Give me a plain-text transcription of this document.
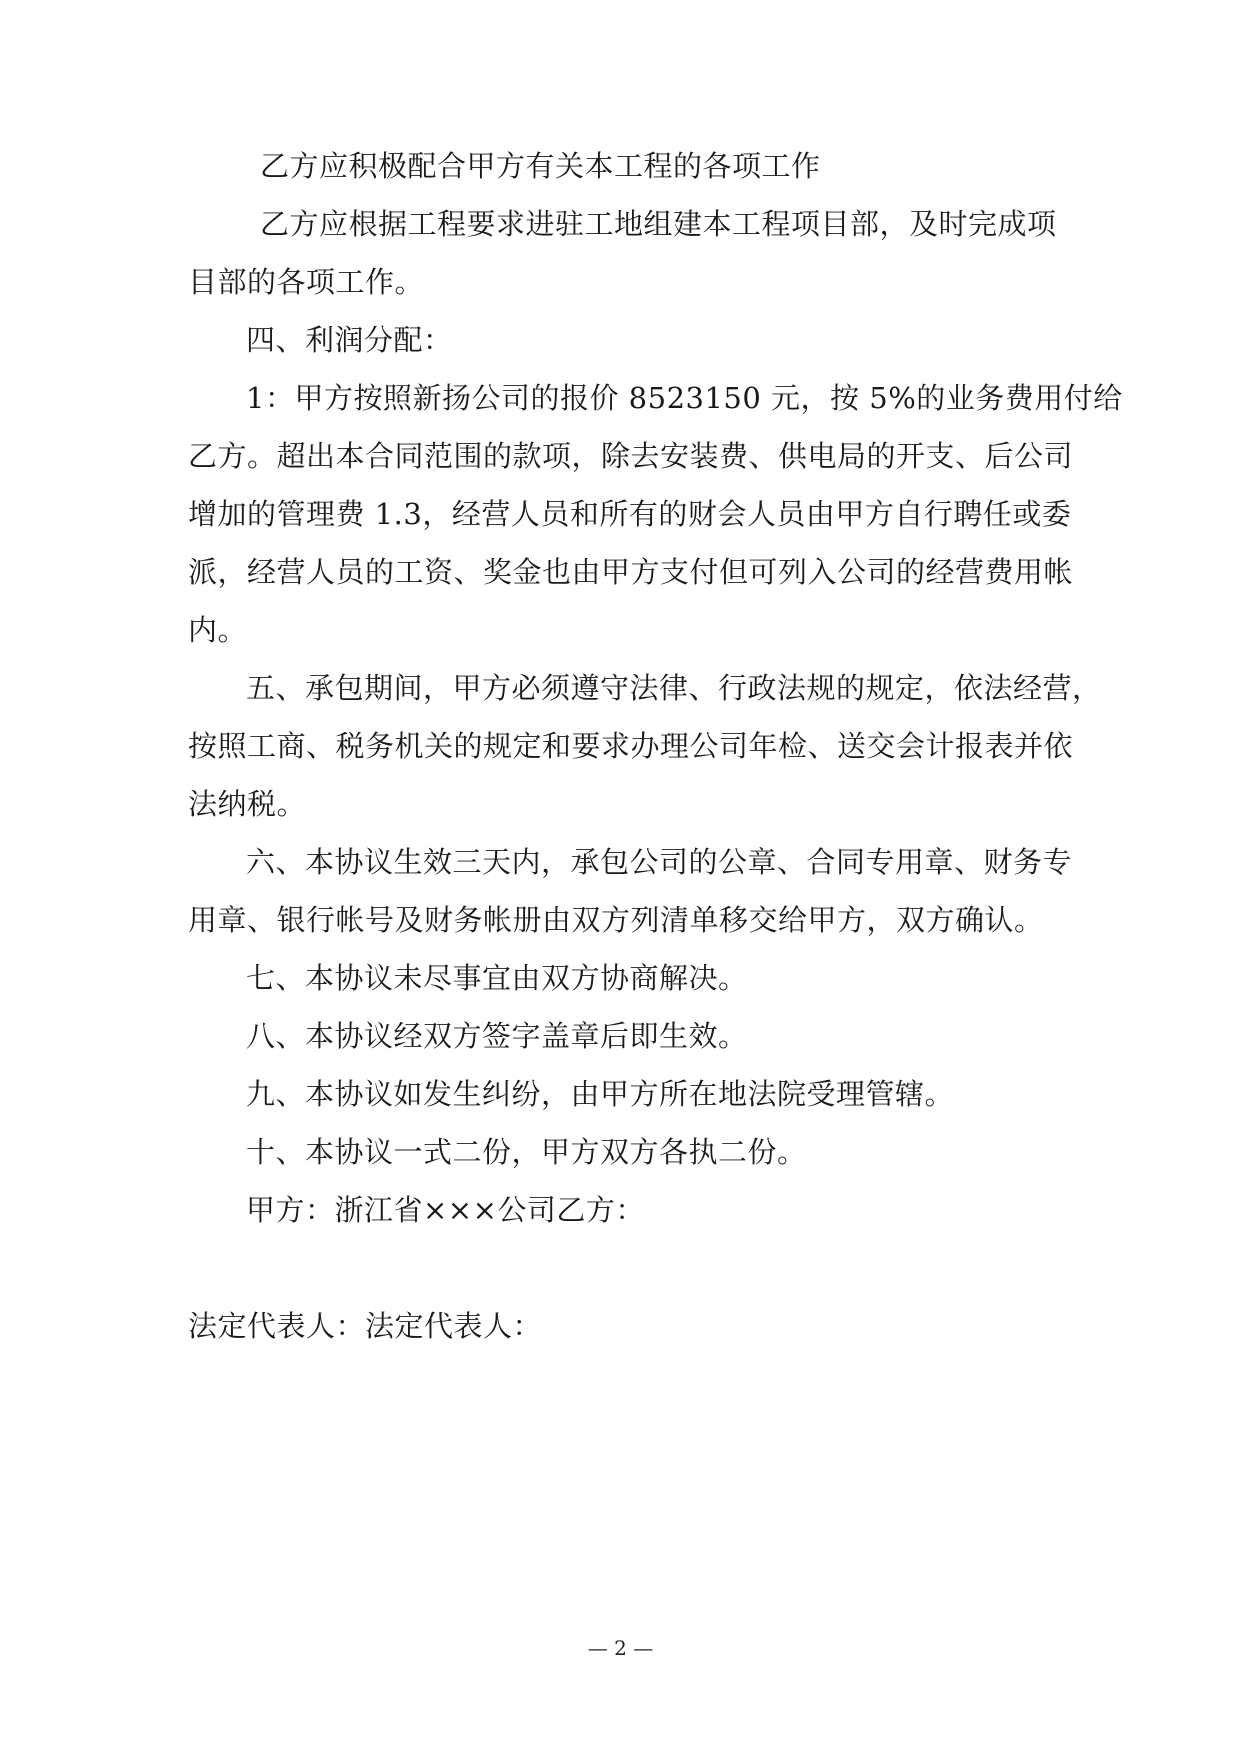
乙方应积极配合甲方有关本工程的各项工作
乙方应根据工程要求进驻工地组建本工程项目部，及时完成项
目部的各项工作。
四、利润分配：
1：甲方按照新扬公司的报价 8523150 元，按 5%的业务费用付给
乙方。超出本合同范围的款项，除去安装费、供电局的开支、后公司
增加的管理费 1.3，经营人员和所有的财会人员由甲方自行聘任或委
派，经营人员的工资、奖金也由甲方支付但可列入公司的经营费用帐
内。
五、承包期间，甲方必须遵守法律、行政法规的规定，依法经营，
按照工商、税务机关的规定和要求办理公司年检、送交会计报表并依
法纳税。
六、本协议生效三天内，承包公司的公章、合同专用章、财务专
用章、银行帐号及财务帐册由双方列清单移交给甲方，双方确认。
七、本协议未尽事宜由双方协商解决。
八、本协议经双方签字盖章后即生效。
九、本协议如发生纠纷，由甲方所在地法院受理管辖。
十、本协议一式二份，甲方双方各执二份。
甲方：浙江省×××公司乙方：
法定代表人：法定代表人：
— 2 —
